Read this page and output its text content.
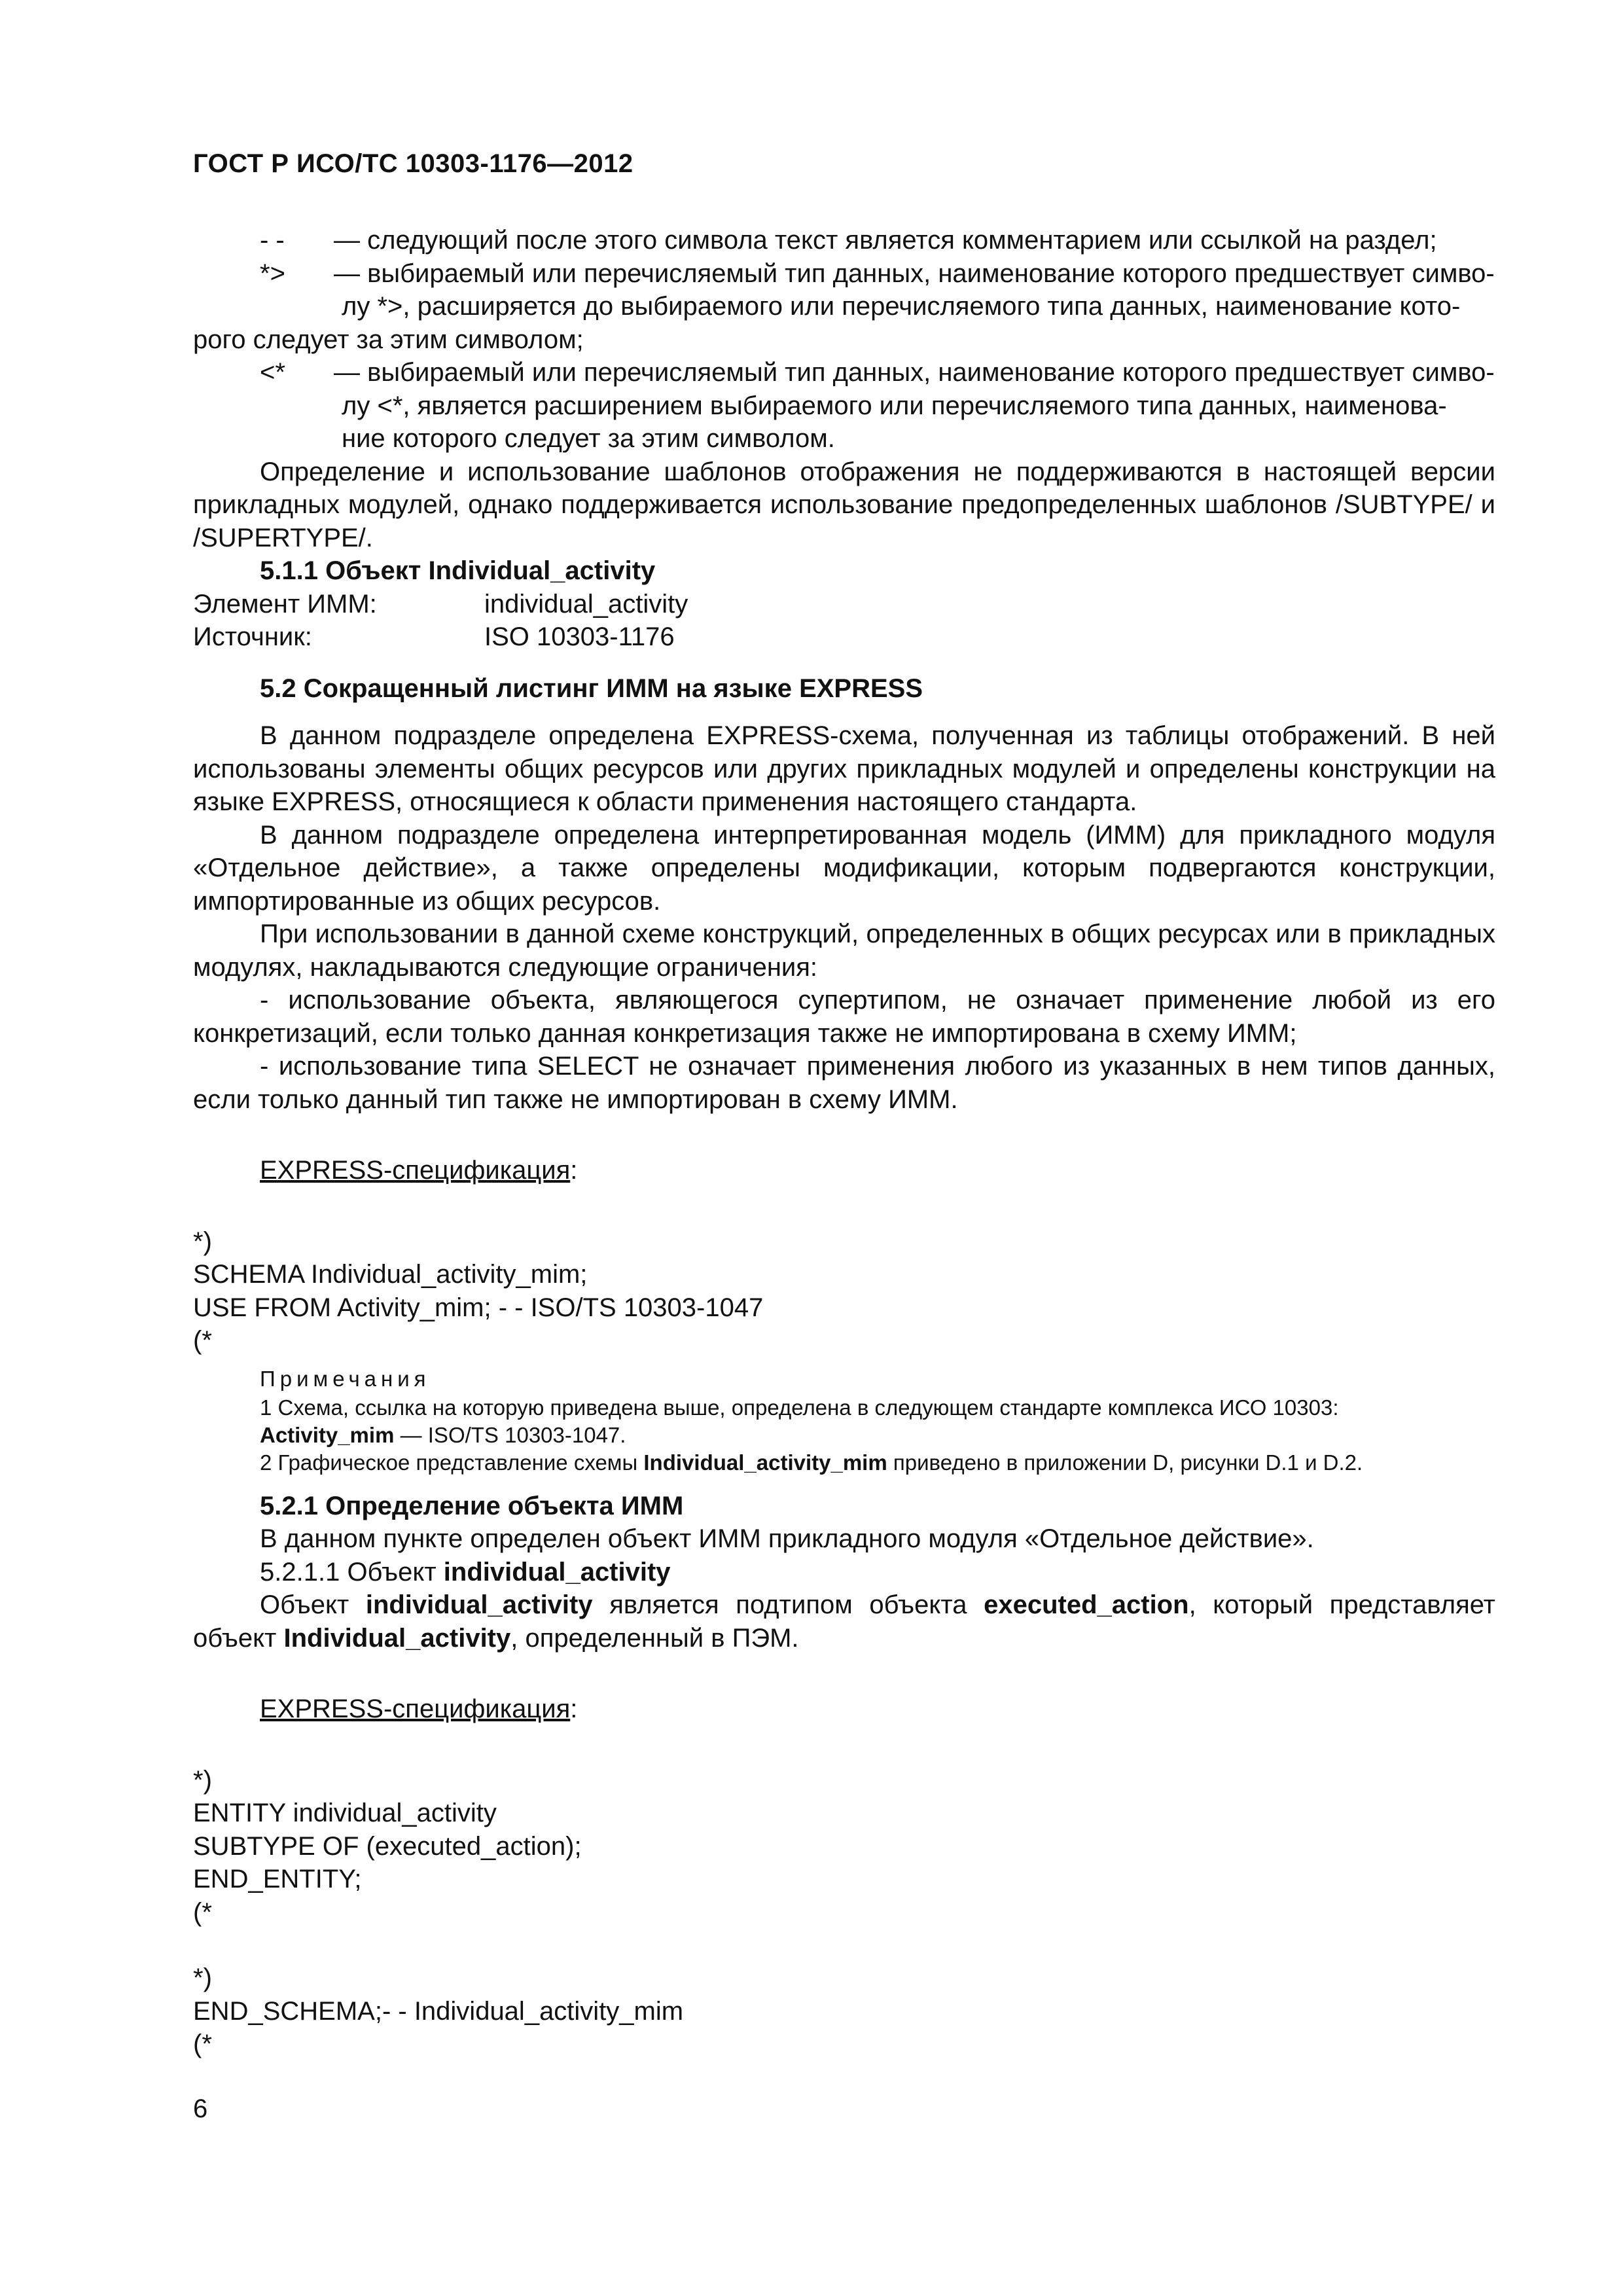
ГОСТ Р ИСО/ТС 10303-1176—2012
- -	— следующий после этого символа текст является комментарием или ссылкой на раздел;
*>	— выбираемый или перечисляемый тип данных, наименование которого предшествует симво-
лу *>, расширяется до выбираемого или перечисляемого типа данных, наименование кото-

рого следует за этим символом;

<*	— выбираемый или перечисляемый тип данных, наименование которого предшествует симво-
лу <*, является расширением выбираемого или перечисляемого типа данных, наименова-
ние которого следует за этим символом.

Определение и использование шаблонов отображения не поддерживаются в настоящей версии прикладных модулей, однако поддерживается использование предопределенных шаблонов /SUBTYPE/ и /SUPERTYPE/.

5.1.1 Объект Individual_activity
Элемент ИММ:	individual_activity
Источник:	ISO 10303-1176
5.2 Сокращенный листинг ИММ на языке EXPRESS

В данном подразделе определена EXPRESS-схема, полученная из таблицы отображений. В ней использованы элементы общих ресурсов или других прикладных модулей и определены конструкции на языке EXPRESS, относящиеся к области применения настоящего стандарта.

В данном подразделе определена интерпретированная модель (ИММ) для прикладного модуля «Отдельное действие», а также определены модификации, которым подвергаются конструкции, импортированные из общих ресурсов.

При использовании в данной схеме конструкций, определенных в общих ресурсах или в прикладных модулях, накладываются следующие ограничения:

- использование объекта, являющегося супертипом, не означает применение любой из его конкретизаций, если только данная конкретизация также не импортирована в схему ИММ;

- использование типа SELECT не означает применения любого из указанных в нем типов данных, если только данный тип также не импортирован в схему ИММ.

EXPRESS-спецификация:

*)

SCHEMA Individual_activity_mim;

USE FROM Activity_mim; - - ISO/TS 10303-1047

(*

Примечания

1 Схема, ссылка на которую приведена выше, определена в следующем стандарте комплекса ИСО 10303:

Activity_mim — ISO/TS 10303-1047.

2 Графическое представление схемы Individual_activity_mim приведено в приложении D, рисунки D.1 и D.2.

5.2.1 Определение объекта ИММ

В данном пункте определен объект ИММ прикладного модуля «Отдельное действие».

5.2.1.1 Объект individual_activity

Объект individual_activity является подтипом объекта executed_action, который представляет объект Individual_activity, определенный в ПЭМ.

EXPRESS-спецификация:

*)

ENTITY individual_activity

SUBTYPE OF (executed_action);

END_ENTITY;

(*

*)

END_SCHEMA;- - Individual_activity_mim

(*

6
